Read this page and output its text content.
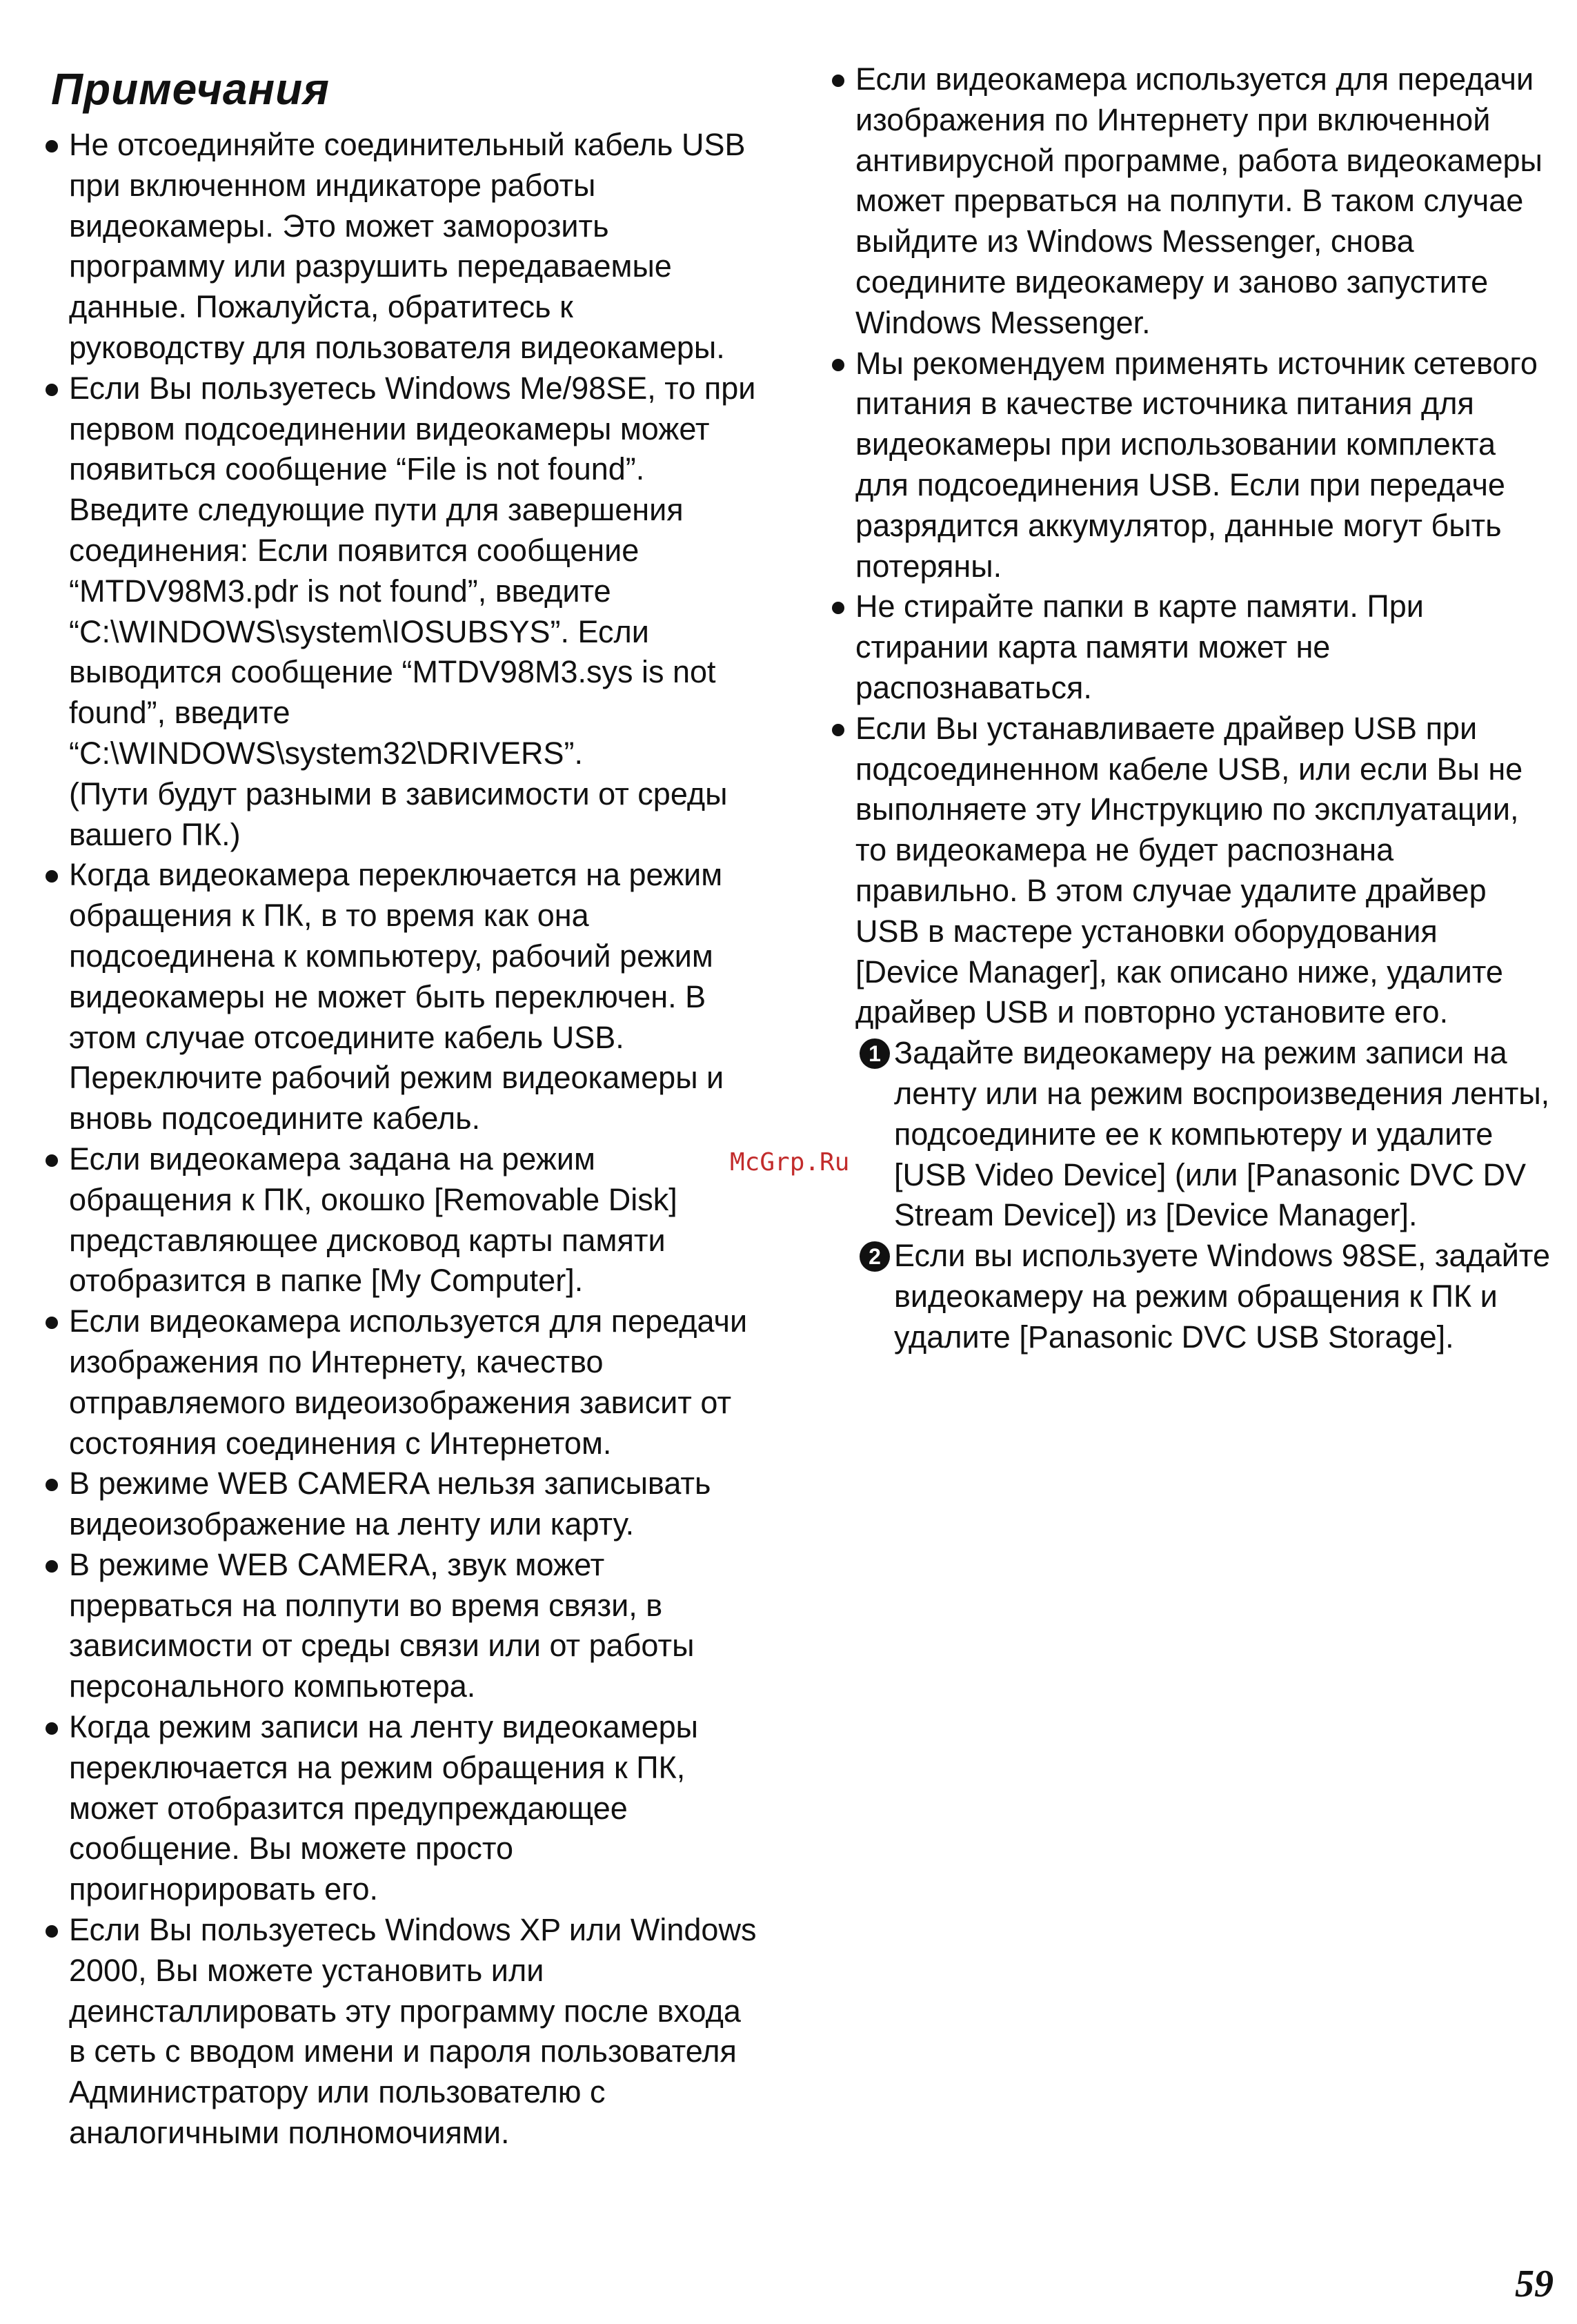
Примечания

Не отсоединяйте соединительный кабель USB
при включенном индикаторе работы
видеокамеры. Это может заморозить
программу или разрушить передаваемые
данные. Пожалуйста, обратитесь к
руководству для пользователя видеокамеры.

Если Вы пользуетесь Windows Me/98SE, то при
первом подсоединении видеокамеры может
появиться сообщение “File is not found”.
Введите следующие пути для завершения
соединения: Если появится сообщение
“MTDV98M3.pdr is not found”, введите
“C:\WINDOWS\system\IOSUBSYS”. Если
выводится сообщение “MTDV98M3.sys is not
found”, введите
“C:\WINDOWS\system32\DRIVERS”.
(Пути будут разными в зависимости от среды
вашего ПК.)

Когда видеокамера переключается на режим
обращения к ПК, в то время как она
подсоединена к компьютеру, рабочий режим
видеокамеры не может быть переключен. В
этом случае отсоедините кабель USB.
Переключите рабочий режим видеокамеры и
вновь подсоедините кабель.

Если видеокамера задана на режим
обращения к ПК, окошко [Removable Disk]
представляющее дисковод карты памяти
отобразится в папке [My Computer].

Если видеокамера используется для передачи
изображения по Интернету, качество
отправляемого видеоизображения зависит от
состояния соединения с Интернетом.

В режиме WEB CAMERA нельзя записывать
видеоизображение на ленту или карту.

В режиме WEB CAMERA, звук может
прерваться на полпути во время связи, в
зависимости от среды связи или от работы
персонального компьютера.

Когда режим записи на ленту видеокамеры
переключается на режим обращения к ПК,
может отобразится предупреждающее
сообщение. Вы можете просто
проигнорировать его.

Если Вы пользуетесь Windows XP или Windows
2000, Вы можете установить или
деинсталлировать эту программу после входа
в сеть с вводом имени и пароля пользователя
Администратору или пользователю с
аналогичными полномочиями.

Если видеокамера используется для передачи
изображения по Интернету при включенной
антивирусной программе, работа видеокамеры
может прерваться на полпути. В таком случае
выйдите из Windows Messenger, снова
соедините видеокамеру и заново запустите
Windows Messenger.

Мы рекомендуем применять источник сетевого
питания в качестве источника питания для
видеокамеры при использовании комплекта
для подсоединения USB. Если при передаче
разрядится аккумулятор, данные могут быть
потеряны.

Не стирайте папки в карте памяти. При
стирании карта памяти может не
распознаваться.

Если Вы устанавливаете драйвер USB при
подсоединенном кабеле USB, или если Вы не
выполняете эту Инструкцию по эксплуатации,
то видеокамера не будет распознана
правильно. В этом случае удалите драйвер
USB в мастере установки оборудования
[Device Manager], как описано ниже, удалите
драйвер USB и повторно установите его.

1 Задайте видеокамеру на режим записи на
ленту или на режим воспроизведения ленты,
подсоедините ее к компьютеру и удалите
[USB Video Device] (или [Panasonic DVC DV
Stream Device]) из [Device Manager].

2 Если вы используете Windows 98SE, задайте
видеокамеру на режим обращения к ПК и
удалите [Panasonic DVC USB Storage].

McGrp.Ru
59
